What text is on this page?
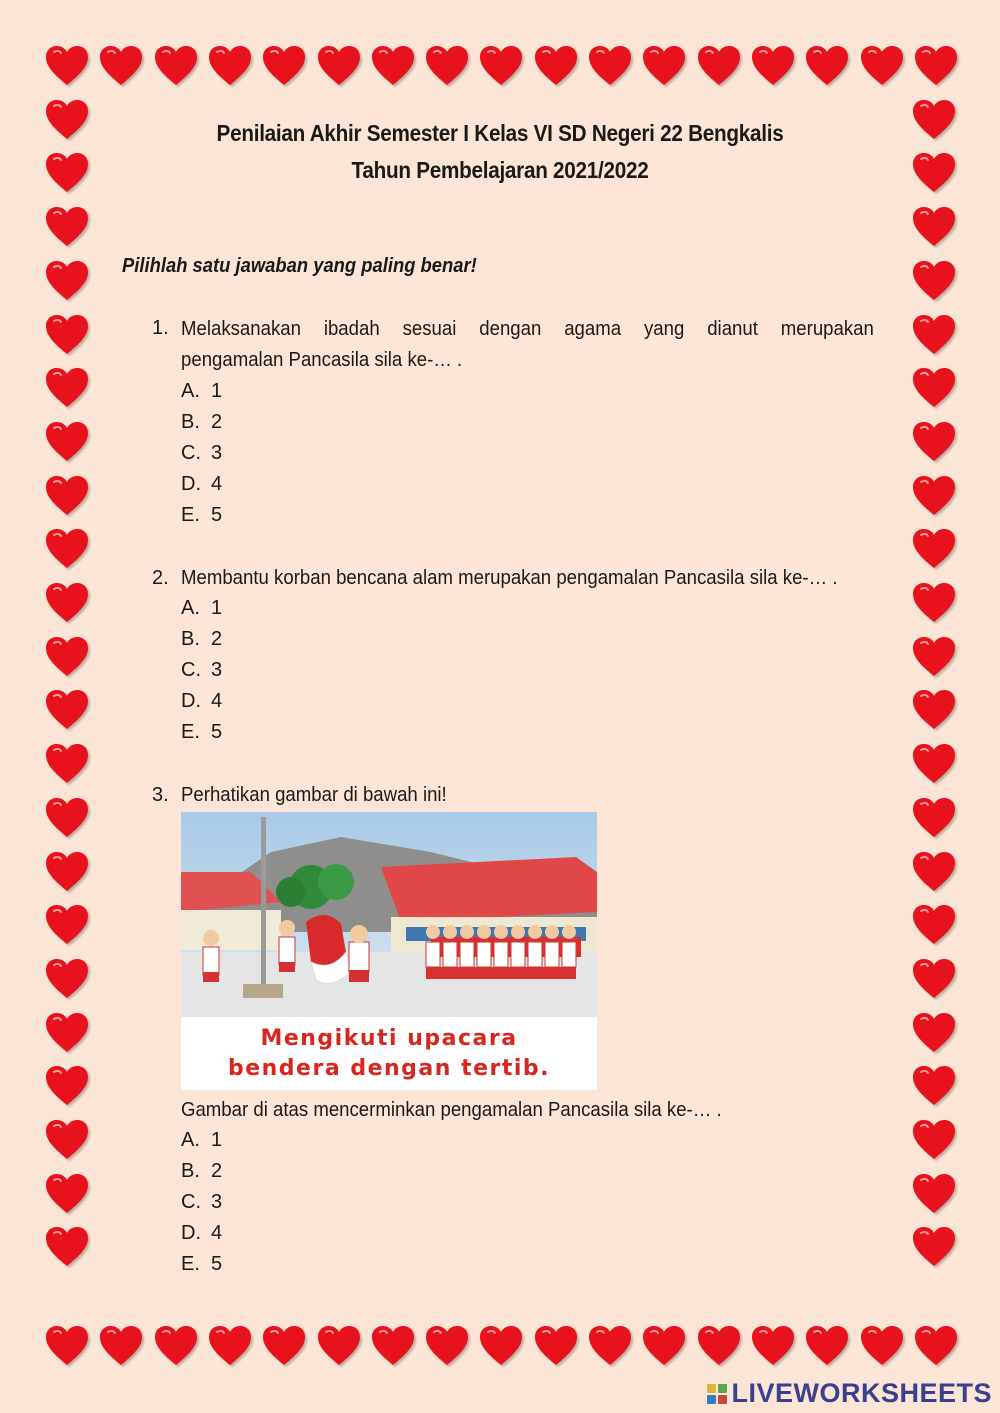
Penilaian Akhir Semester I Kelas VI SD Negeri 22 Bengkalis
Tahun Pembelajaran 2021/2022
Pilihlah satu jawaban yang paling benar!
1. Melaksanakan ibadah sesuai dengan agama yang dianut merupakan
pengamalan Pancasila sila ke-… .
A. 1
B. 2
C. 3
D. 4
E. 5
2. Membantu korban bencana alam merupakan pengamalan Pancasila sila ke-… .
A. 1
B. 2
C. 3
D. 4
E. 5
3. Perhatikan gambar di bawah ini!
Mengikuti upacara
bendera dengan tertib.
Gambar di atas mencerminkan pengamalan Pancasila sila ke-… .
A. 1
B. 2
C. 3
D. 4
E. 5
LIVEWORKSHEETS
